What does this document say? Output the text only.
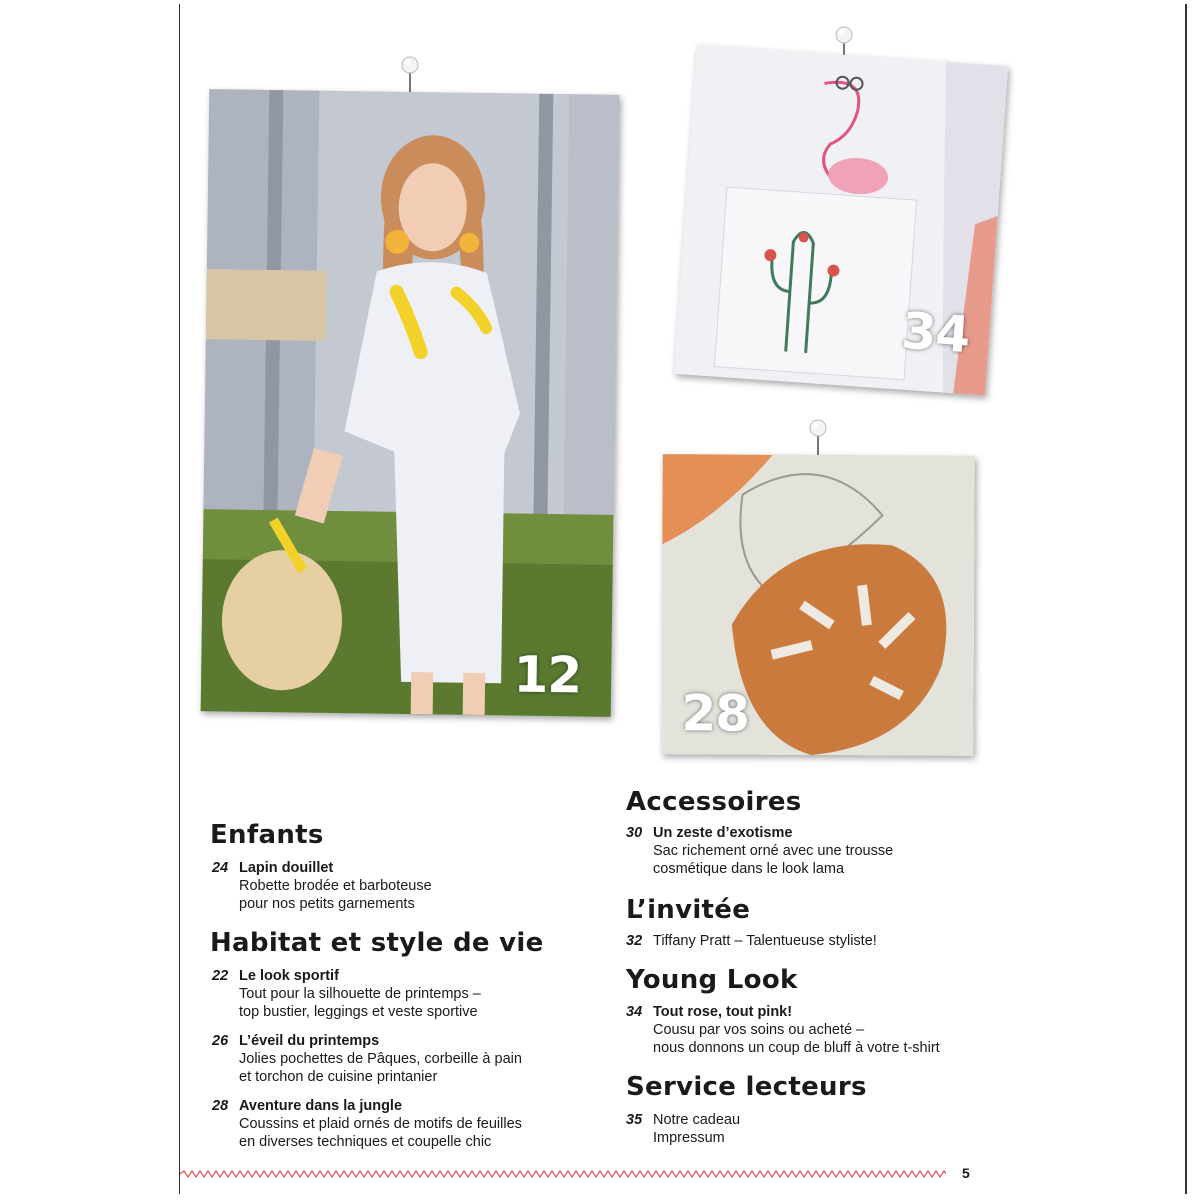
12
34
28
Enfants
24 Lapin douillet
Robette brodée et barboteuse
pour nos petits garnements
Habitat et style de vie
22 Le look sportif
Tout pour la silhouette de printemps –
top bustier, leggings et veste sportive
26 L’éveil du printemps
Jolies pochettes de Pâques, corbeille à pain
et torchon de cuisine printanier
28 Aventure dans la jungle
Coussins et plaid ornés de motifs de feuilles
en diverses techniques et coupelle chic
Accessoires
30 Un zeste d’exotisme
Sac richement orné avec une trousse
cosmétique dans le look lama
L’invitée
32 Tiffany Pratt – Talentueuse styliste!
Young Look
34 Tout rose, tout pink!
Cousu par vos soins ou acheté –
nous donnons un coup de bluff à votre t-shirt
Service lecteurs
35 Notre cadeau
Impressum
5
